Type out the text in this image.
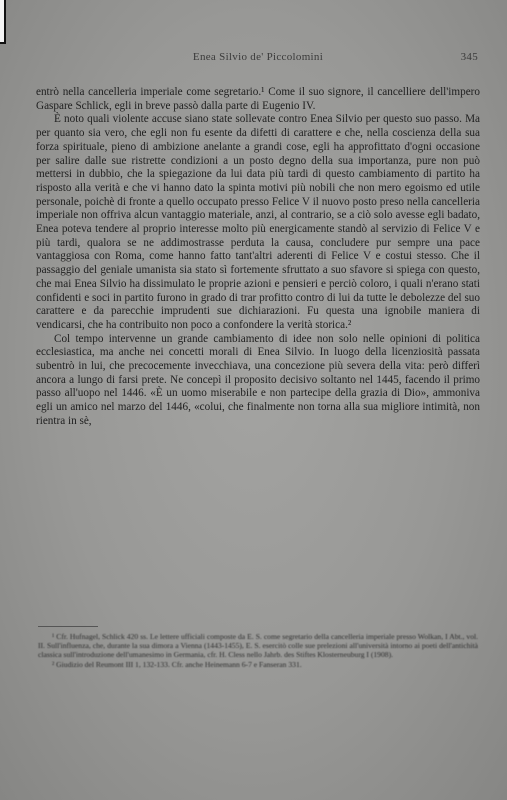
Enea Silvio de' Piccolomini	345

entrò nella cancelleria imperiale come segretario.¹ Come il suo signore, il cancelliere dell'impero Gaspare Schlick, egli in breve passò dalla parte di Eugenio IV.

È noto quali violente accuse siano state sollevate contro Enea Silvio per questo suo passo. Ma per quanto sia vero, che egli non fu esente da difetti di carattere e che, nella coscienza della sua forza spirituale, pieno di ambizione anelante a grandi cose, egli ha approfittato d'ogni occasione per salire dalle sue ristrette condizioni a un posto degno della sua importanza, pure non può mettersi in dubbio, che la spiegazione da lui data più tardi di questo cambiamento di partito ha risposto alla verità e che vi hanno dato la spinta motivi più nobili che non mero egoismo ed utile personale, poichè di fronte a quello occupato presso Felice V il nuovo posto preso nella cancelleria imperiale non offriva alcun vantaggio materiale, anzi, al contrario, se a ciò solo avesse egli badato, Enea poteva tendere al proprio interesse molto più energicamente standò al servizio di Felice V e più tardi, qualora se ne addimostrasse perduta la causa, concludere pur sempre una pace vantaggiosa con Roma, come hanno fatto tant'altri aderenti di Felice V e costui stesso. Che il passaggio del geniale umanista sia stato sì fortemente sfruttato a suo sfavore si spiega con questo, che mai Enea Silvio ha dissimulato le proprie azioni e pensieri e perciò coloro, i quali n'erano stati confidenti e soci in partito furono in grado di trar profitto contro di lui da tutte le debolezze del suo carattere e da parecchie imprudenti sue dichiarazioni. Fu questa una ignobile maniera di vendicarsi, che ha contribuito non poco a confondere la verità storica.²

Col tempo intervenne un grande cambiamento di idee non solo nelle opinioni di politica ecclesiastica, ma anche nei concetti morali di Enea Silvio. In luogo della licenziosità passata subentrò in lui, che precocemente invecchiava, una concezione più severa della vita: però differì ancora a lungo di farsi prete. Ne concepì il proposito decisivo soltanto nel 1445, facendo il primo passo all'uopo nel 1446. «È un uomo miserabile e non partecipe della grazia di Dio», ammoniva egli un amico nel marzo del 1446, «colui, che finalmente non torna alla sua migliore intimità, non rientra in sè,

¹ Cfr. Hufnagel, Schlick 420 ss. Le lettere ufficiali composte da E. S. come segretario della cancelleria imperiale presso Wolkan, I Abt., vol. II. Sull'influenza, che, durante la sua dimora a Vienna (1443-1455), E. S. esercitò colle sue prelezioni all'università intorno ai poeti dell'antichità classica sull'introduzione dell'umanesimo in Germania, cfr. H. Cless nello Jahrb. des Stiftes Klosterneuburg I (1908).

² Giudizio del Reumont III 1, 132-133. Cfr. anche Heinemann 6-7 e Fanseran 331.
